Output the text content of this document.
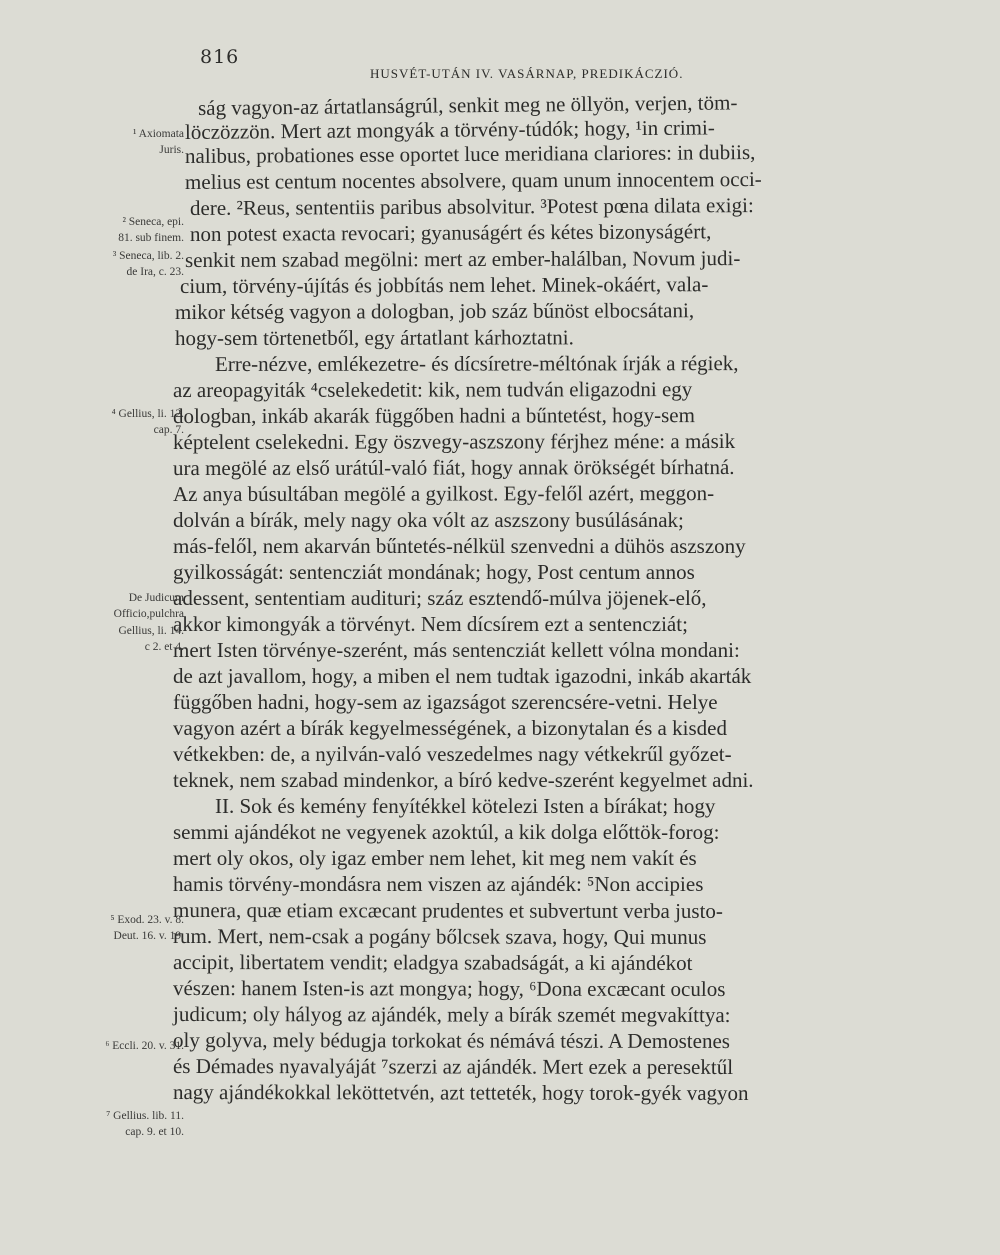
816
HUSVÉT-UTÁN IV. VASÁRNAP, PREDIKÁCZIÓ.
ság vagyon-az ártatlanságrúl, senkit meg ne öllyön, verjen, töm-
löczözzön. Mert azt mongyák a törvény-túdók; hogy, ¹in crimi-
nalibus, probationes esse oportet luce meridiana clariores: in dubiis,
melius est centum nocentes absolvere, quam unum innocentem occi-
dere. ²Reus, sententiis paribus absolvitur. ³Potest pœna dilata exigi:
non potest exacta revocari; gyanuságért és kétes bizonyságért,
senkit nem szabad megölni: mert az ember-halálban, Novum judi-
cium, törvény-újítás és jobbítás nem lehet. Minek-okáért, vala-
mikor kétség vagyon a dologban, job száz bűnöst elbocsátani,
hogy-sem törtenetből, egy ártatlant kárhoztatni.
Erre-nézve, emlékezetre- és dícsíretre-méltónak írják a régiek,
az areopagyiták ⁴cselekedetit: kik, nem tudván eligazodni egy
dologban, inkáb akarák függőben hadni a bűntetést, hogy-sem
képtelent cselekedni. Egy öszvegy-aszszony férjhez ménе: a másik
ura megölé az első urátúl-való fiát, hogy annak örökségét bírhatná.
Az anya búsultában megölé a gyilkost. Egy-felől azért, meggon-
dolván a bírák, mely nagy oka vólt az aszszony busúlásának;
más-felől, nem akarván bűntetés-nélkül szenvedni a dühös aszszony
gyilkosságát: sentencziát mondának; hogy, Post centum annos
adessent, sententiam audituri; száz esztendő-múlva jöjenek-elő,
akkor kimongyák a törvényt. Nem dícsírem ezt a sentencziát;
mert Isten törvénye-szerént, más sentencziát kellett vólna mondani:
de azt javallom, hogy, a miben el nem tudtak igazodni, inkáb akarták
függőben hadni, hogy-sem az igazságot szerencsére-vetni. Helye
vagyon azért a bírák kegyelmességének, a bizonytalan és a kisded
vétkekben: de, a nyilván-való veszedelmes nagy vétkekrűl győzet-
teknek, nem szabad mindenkor, a bíró kedve-szerént kegyelmet adni.
II. Sok és kemény fenyítékkel kötelezi Isten a bírákat; hogy
semmi ajándékot ne vegyenek azoktúl, a kik dolga előttök-forog:
mert oly okos, oly igaz ember nem lehet, kit meg nem vakít és
hamis törvény-mondásra nem viszen az ajándék: ⁵Non accipies
munera, quæ etiam excæcant prudentes et subvertunt verba justo-
rum. Mert, nem-csak a pogány bőlcsek szava, hogy, Qui munus
accipit, libertatem vendit; eladgya szabadságát, a ki ajándékot
vészen: hanem Isten-is azt mongya; hogy, ⁶Dona excæcant oculos
judicum; oly hályog az ajándék, mely a bírák szemét megvakíttya:
oly golyva, mely bédugja torkokat és némává tészi. A Demostenes
és Démades nyavalyáját ⁷szerzi az ajándék. Mert ezek a peresektűl
nagy ajándékokkal leköttetvén, azt tetteték, hogy torok-gyék vagyon
¹ Axiomata
Juris.
² Seneca, epi.
81. sub finem.
³ Seneca, lib. 2.
de Ira, c. 23.
⁴ Gellius, li. 12.
cap. 7.
De Judicum
Officio,pulchra
Gellius, li. 14.
c 2. et 4.
⁵ Exod. 23. v. 8.
Deut. 16. v. 19.
⁶ Eccli. 20. v. 31.
⁷ Gellius. lib. 11.
cap. 9. et 10.
